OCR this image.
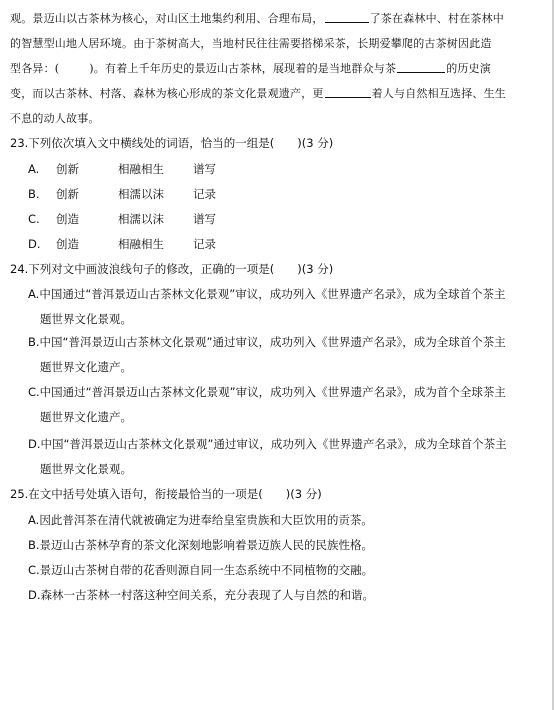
观。景迈山以古茶林为核心，对山区土地集约利用、合理布局，	了茶在森林中、村在茶林中

的智慧型山地人居环境。由于茶树高大，当地村民往往需要搭梯采茶，长期爱攀爬的古茶树因此造

型各异：(	)。有着上千年历史的景迈山古茶林，展现着的是当地群众与茶	的历史演

变，而以古茶林、村落、森林为核心形成的茶文化景观遗产，更	着人与自然相互选择、生生

不息的动人故事。

23.下列依次填入文中横线处的词语，恰当的一组是(　　)(3 分)
A. 创新	相融相生	谱写
B. 创新	相濡以沫	记录
C. 创造	相濡以沫	谱写
D. 创造	相融相生	记录
24.下列对文中画波浪线句子的修改，正确的一项是(　　)(3 分)
A.中国通过“普洱景迈山古茶林文化景观”审议，成功列入《世界遗产名录》，成为全球首个茶主
题世界文化景观。
B.中国“普洱景迈山古茶林文化景观”通过审议，成功列入《世界遗产名录》，成为全球首个茶主
题世界文化遗产。
C.中国通过“普洱景迈山古茶林文化景观”审议，成功列入《世界遗产名录》，成为首个全球茶主
题世界文化遗产。
D.中国“普洱景迈山古茶林文化景观”通过审议，成功列入《世界遗产名录》，成为全球首个茶主
题世界文化景观。
25.在文中括号处填入语句，衔接最恰当的一项是(　　)(3 分)
A.因此普洱茶在清代就被确定为进奉给皇室贵族和大臣饮用的贡茶。
B.景迈山古茶林孕育的茶文化深刻地影响着景迈族人民的民族性格。
C.景迈山古茶树自带的花香则源自同一生态系统中不同植物的交融。
D.森林一古茶林一村落这种空间关系，充分表现了人与自然的和谐。
